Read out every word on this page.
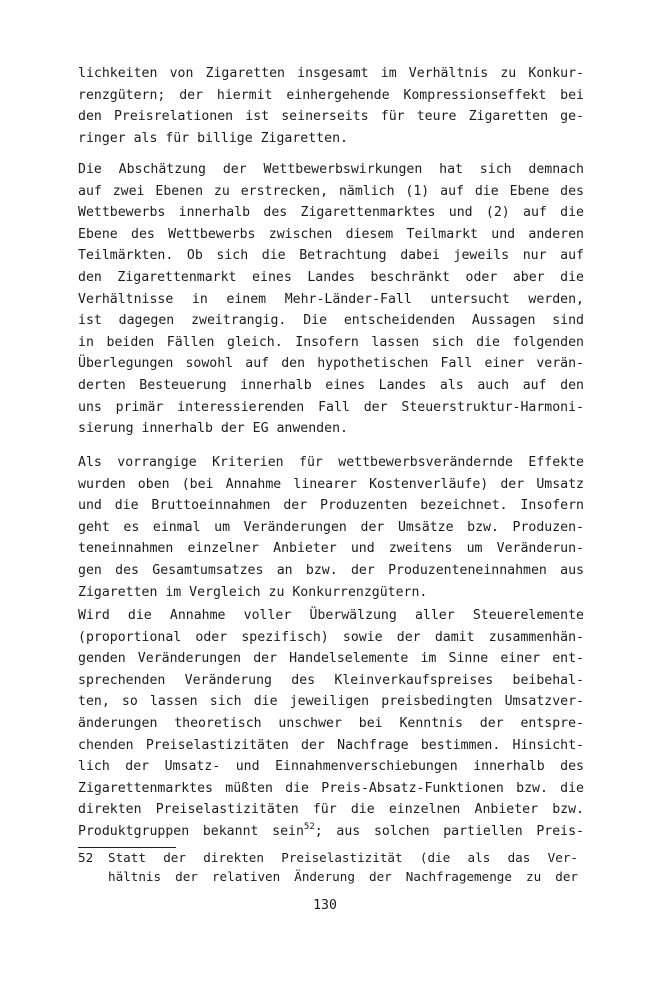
lichkeiten von Zigaretten insgesamt im Verhältnis zu Konkur-
renzgütern; der hiermit einhergehende Kompressionseffekt bei
den Preisrelationen ist seinerseits für teure Zigaretten ge-
ringer als für billige Zigaretten.

Die Abschätzung der Wettbewerbswirkungen hat sich demnach
auf zwei Ebenen zu erstrecken, nämlich (1) auf die Ebene des
Wettbewerbs innerhalb des Zigarettenmarktes und (2) auf die
Ebene des Wettbewerbs zwischen diesem Teilmarkt und anderen
Teilmärkten. Ob sich die Betrachtung dabei jeweils nur auf
den Zigarettenmarkt eines Landes beschränkt oder aber die
Verhältnisse in einem Mehr-Länder-Fall untersucht werden,
ist dagegen zweitrangig. Die entscheidenden Aussagen sind
in beiden Fällen gleich. Insofern lassen sich die folgenden
Überlegungen sowohl auf den hypothetischen Fall einer verän-
derten Besteuerung innerhalb eines Landes als auch auf den
uns primär interessierenden Fall der Steuerstruktur-Harmoni-
sierung innerhalb der EG anwenden.

Als vorrangige Kriterien für wettbewerbsverändernde Effekte
wurden oben (bei Annahme linearer Kostenverläufe) der Umsatz
und die Bruttoeinnahmen der Produzenten bezeichnet. Insofern
geht es einmal um Veränderungen der Umsätze bzw. Produzen-
teneinnahmen einzelner Anbieter und zweitens um Veränderun-
gen des Gesamtumsatzes an bzw. der Produzenteneinnahmen aus
Zigaretten im Vergleich zu Konkurrenzgütern.

Wird die Annahme voller Überwälzung aller Steuerelemente
(proportional oder spezifisch) sowie der damit zusammenhän-
genden Veränderungen der Handelselemente im Sinne einer ent-
sprechenden Veränderung des Kleinverkaufspreises beibehal-
ten, so lassen sich die jeweiligen preisbedingten Umsatzver-
änderungen theoretisch unschwer bei Kenntnis der entspre-
chenden Preiselastizitäten der Nachfrage bestimmen. Hinsicht-
lich der Umsatz- und Einnahmenverschiebungen innerhalb des
Zigarettenmarktes müßten die Preis-Absatz-Funktionen bzw. die
direkten Preiselastizitäten für die einzelnen Anbieter bzw.
Produktgruppen bekannt sein$^{52}$; aus solchen partiellen Preis-

52 Statt der direkten Preiselastizität (die als das Ver-
hältnis der relativen Änderung der Nachfragemenge zu der
130
